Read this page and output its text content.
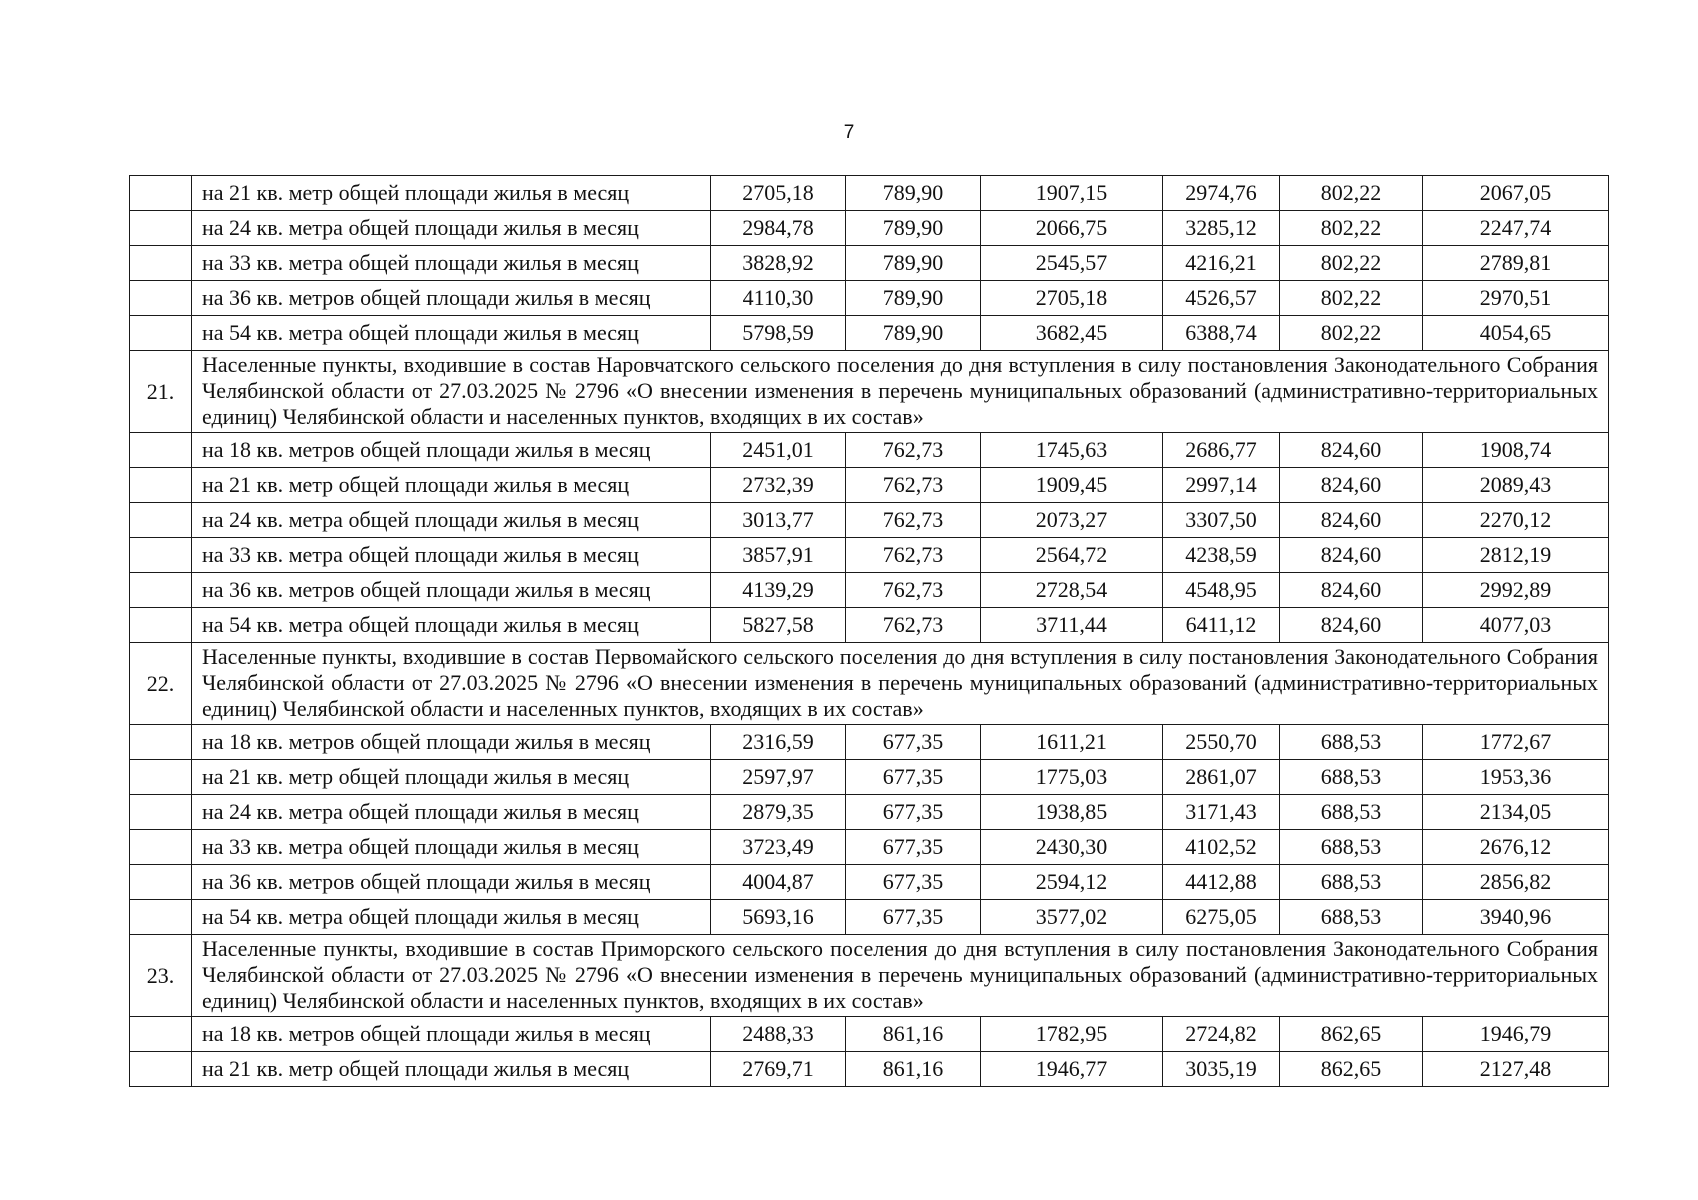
7
	на 21 кв. метр общей площади жилья в месяц	2705,18	789,90	1907,15	2974,76	802,22	2067,05
	на 24 кв. метра общей площади жилья в месяц	2984,78	789,90	2066,75	3285,12	802,22	2247,74
	на 33 кв. метра общей площади жилья в месяц	3828,92	789,90	2545,57	4216,21	802,22	2789,81
	на 36 кв. метров общей площади жилья в месяц	4110,30	789,90	2705,18	4526,57	802,22	2970,51
	на 54 кв. метра общей площади жилья в месяц	5798,59	789,90	3682,45	6388,74	802,22	4054,65
21.	Населенные пункты, входившие в состав Наровчатского сельского поселения до дня вступления в силу постановления Законодательного Собрания Челябинской области от 27.03.2025 № 2796 «О внесении изменения в перечень муниципальных образований (административно-территориальных единиц) Челябинской области и населенных пунктов, входящих в их состав»						
	на 18 кв. метров общей площади жилья в месяц	2451,01	762,73	1745,63	2686,77	824,60	1908,74
	на 21 кв. метр общей площади жилья в месяц	2732,39	762,73	1909,45	2997,14	824,60	2089,43
	на 24 кв. метра общей площади жилья в месяц	3013,77	762,73	2073,27	3307,50	824,60	2270,12
	на 33 кв. метра общей площади жилья в месяц	3857,91	762,73	2564,72	4238,59	824,60	2812,19
	на 36 кв. метров общей площади жилья в месяц	4139,29	762,73	2728,54	4548,95	824,60	2992,89
	на 54 кв. метра общей площади жилья в месяц	5827,58	762,73	3711,44	6411,12	824,60	4077,03
22.	Населенные пункты, входившие в состав Первомайского сельского поселения до дня вступления в силу постановления Законодательного Собрания Челябинской области от 27.03.2025 № 2796 «О внесении изменения в перечень муниципальных образований (административно-территориальных единиц) Челябинской области и населенных пунктов, входящих в их состав»						
	на 18 кв. метров общей площади жилья в месяц	2316,59	677,35	1611,21	2550,70	688,53	1772,67
	на 21 кв. метр общей площади жилья в месяц	2597,97	677,35	1775,03	2861,07	688,53	1953,36
	на 24 кв. метра общей площади жилья в месяц	2879,35	677,35	1938,85	3171,43	688,53	2134,05
	на 33 кв. метра общей площади жилья в месяц	3723,49	677,35	2430,30	4102,52	688,53	2676,12
	на 36 кв. метров общей площади жилья в месяц	4004,87	677,35	2594,12	4412,88	688,53	2856,82
	на 54 кв. метра общей площади жилья в месяц	5693,16	677,35	3577,02	6275,05	688,53	3940,96
23.	Населенные пункты, входившие в состав Приморского сельского поселения до дня вступления в силу постановления Законодательного Собрания Челябинской области от 27.03.2025 № 2796 «О внесении изменения в перечень муниципальных образований (административно-территориальных единиц) Челябинской области и населенных пунктов, входящих в их состав»						
	на 18 кв. метров общей площади жилья в месяц	2488,33	861,16	1782,95	2724,82	862,65	1946,79
	на 21 кв. метр общей площади жилья в месяц	2769,71	861,16	1946,77	3035,19	862,65	2127,48
